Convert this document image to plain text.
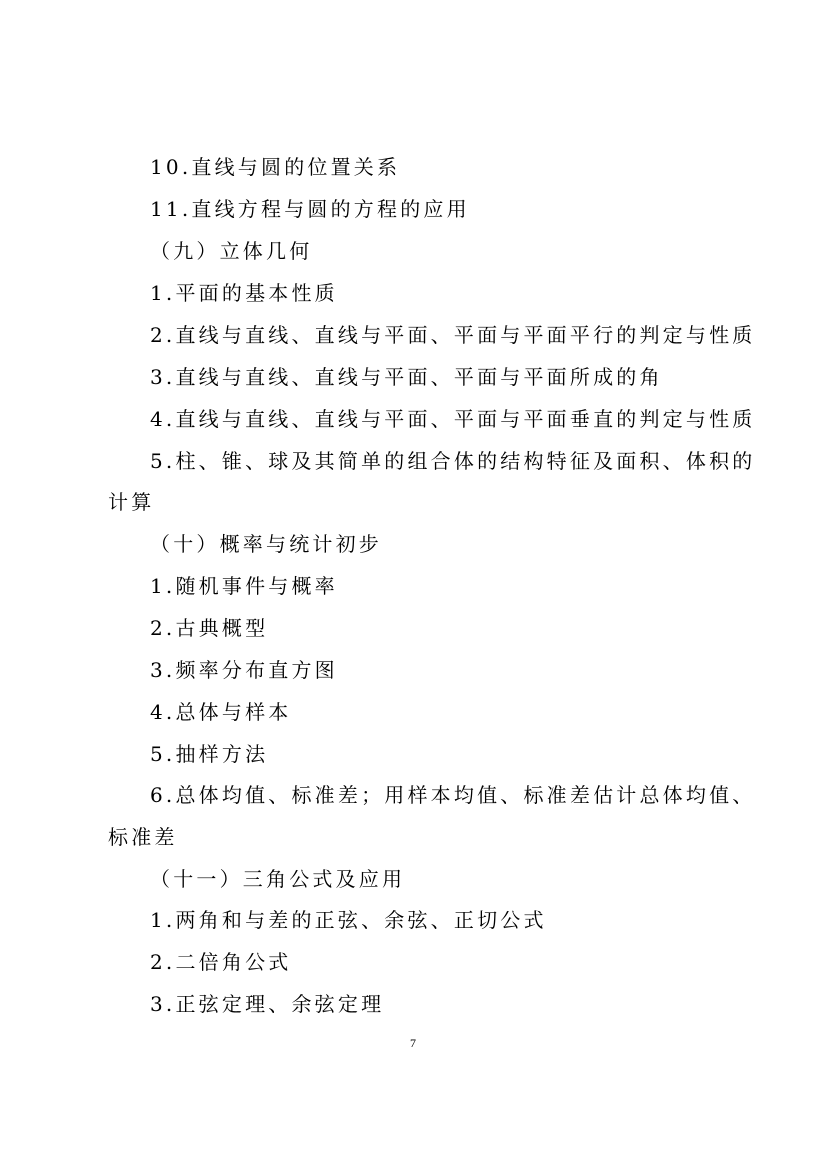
10.直线与圆的位置关系
11.直线方程与圆的方程的应用
（九）立体几何
1.平面的基本性质
2.直线与直线、直线与平面、平面与平面平行的判定与性质
3.直线与直线、直线与平面、平面与平面所成的角
4.直线与直线、直线与平面、平面与平面垂直的判定与性质
5.柱、锥、球及其简单的组合体的结构特征及面积、体积的
计算
（十）概率与统计初步
1.随机事件与概率
2.古典概型
3.频率分布直方图
4.总体与样本
5.抽样方法
6.总体均值、标准差；用样本均值、标准差估计总体均值、
标准差
（十一）三角公式及应用
1.两角和与差的正弦、余弦、正切公式
2.二倍角公式
3.正弦定理、余弦定理
7
